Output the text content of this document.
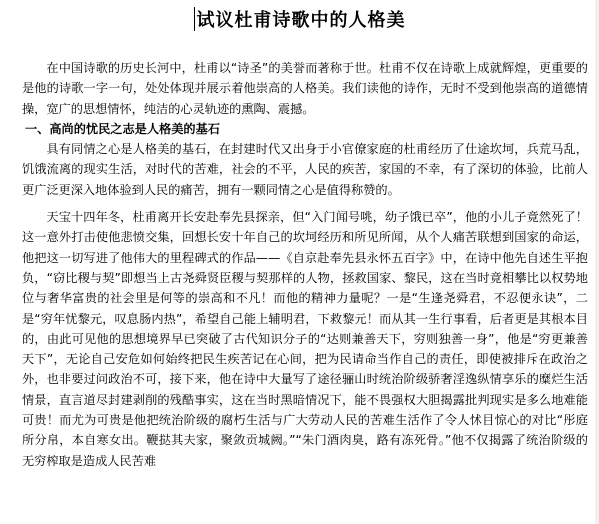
试议杜甫诗歌中的人格美

在中国诗歌的历史长河中，杜甫以“诗圣”的美誉而著称于世。杜甫不仅在诗歌上成就辉煌，更重要的是他的诗歌一字一句，处处体现并展示着他崇高的人格美。我们读他的诗作，无时不受到他崇高的道德情操，宽广的思想情怀，纯洁的心灵轨迹的熏陶、震撼。

一、高尚的忧民之志是人格美的基石

具有同情之心是人格美的基石，在封建时代又出身于小官僚家庭的杜甫经历了仕途坎坷，兵荒马乱，饥饿流离的现实生活，对时代的苦难，社会的不平，人民的疾苦，家国的不幸，有了深切的体验，比前人更广泛更深入地体验到人民的痛苦，拥有一颗同情之心是值得称赞的。

天宝十四年冬，杜甫离开长安赴奉先县探亲，但“入门闻号咷，幼子饿已卒”，他的小儿子竟然死了！这一意外打击使他悲愤交集，回想长安十年自己的坎坷经历和所见所闻，从个人痛苦联想到国家的命运，他把这一切写进了他伟大的里程碑式的作品——《自京赴奉先县永怀五百字》中，在诗中他先自述生平抱负，“窃比稷与契”即想当上古尧舜贤臣稷与契那样的人物，拯救国家、黎民，这在当时竟相攀比以权势地位与奢华富贵的社会里是何等的崇高和不凡！而他的精神力量呢？一是“生逢尧舜君，不忍便永诀”，二是“穷年忧黎元，叹息肠内热”，希望自己能上辅明君，下救黎元！而从其一生行事看，后者更是其根本目的，由此可见他的思想境界早已突破了古代知识分子的“达则兼善天下，穷则独善一身”，他是“穷更兼善天下”，无论自己安危如何始终把民生疾苦记在心间，把为民请命当作自己的责任，即使被排斥在政治之外，也非要过问政治不可，接下来，他在诗中大量写了途径骊山时统治阶级骄奢淫逸纵情享乐的糜烂生活情景，直言道尽封建剥削的残酷事实，这在当时黑暗情况下，能不畏强权大胆揭露批判现实是多么地难能可贵！而尤为可贵是他把统治阶级的腐朽生活与广大劳动人民的苦难生活作了令人怵目惊心的对比“彤庭所分帛，本自寒女出。鞭挞其夫家，聚敛贡城阙。”“朱门酒肉臭，路有冻死骨。”他不仅揭露了统治阶级的无穷榨取是造成人民苦难
